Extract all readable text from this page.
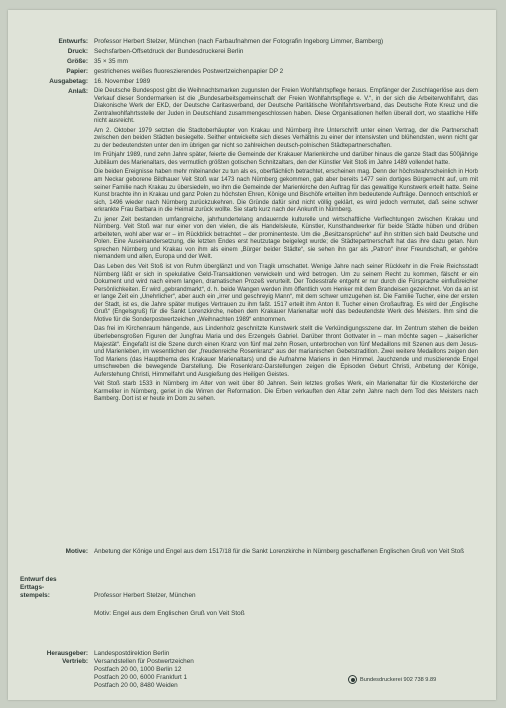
Entwurfs: Professor Herbert Stelzer, München (nach Farbaufnahmen der Fotografin Ingeborg Limmer, Bamberg)
Druck: Sechsfarben-Offsetdruck der Bundesdruckerei Berlin
Größe: 35 × 35 mm
Papier: gestrichenes weißes fluoreszierendes Postwertzeichenpapier DP 2
Ausgabetag: 16. November 1989
Anlaß: Die Deutsche Bundespost gibt die Weihnachtsmarken zugunsten der Freien Wohlfahrtspflege heraus. Empfänger der Zuschlagerlöse aus dem Verkauf dieser Sondermarken ist die „Bundesarbeitsgemeinschaft der Freien Wohlfahrtspflege e. V.“, in der sich die Arbeiterwohlfahrt, das Diakonische Werk der EKD, der Deutsche Caritasverband, der Deutsche Paritätische Wohlfahrtsverband, das Deutsche Rote Kreuz und die Zentralwohlfahrtsstelle der Juden in Deutschland zusammengeschlossen haben. Diese Organisationen helfen überall dort, wo staatliche Hilfe nicht ausreicht.

Am 2. Oktober 1979 setzten die Stadtoberhäupter von Krakau und Nürnberg ihre Unterschrift unter einen Vertrag, der die Partnerschaft zwischen den beiden Städten besiegelte. Seither entwickelte sich dieses Verhältnis zu einer der intensivsten und blühendsten, wenn nicht gar zu der bedeutendsten unter den im übrigen gar nicht so zahlreichen deutsch-polnischen Städtepartnerschaften.

Im Frühjahr 1989, rund zehn Jahre später, feierte die Gemeinde der Krakauer Marienkirche und darüber hinaus die ganze Stadt das 500jährige Jubiläum des Marienaltars, des vermutlich größten gotischen Schnitzaltars, den der Künstler Veit Stoß im Jahre 1489 vollendet hatte.

Die beiden Ereignisse haben mehr miteinander zu tun als es, oberflächlich betrachtet, erscheinen mag. Denn der höchstwahrscheinlich in Horb am Neckar geborene Bildhauer Veit Stoß war 1473 nach Nürnberg gekommen, gab aber bereits 1477 sein dortiges Bürgerrecht auf, um mit seiner Familie nach Krakau zu übersiedeln, wo ihm die Gemeinde der Marienkirche den Auftrag für das gewaltige Kunstwerk erteilt hatte. Seine Kunst brachte ihn in Krakau und ganz Polen zu höchsten Ehren, Könige und Bischöfe erteilten ihm bedeutende Aufträge. Dennoch entschloß er sich, 1496 wieder nach Nürnberg zurückzukehren. Die Gründe dafür sind nicht völlig geklärt, es wird jedoch vermutet, daß seine schwer erkrankte Frau Barbara in die Heimat zurück wollte. Sie starb kurz nach der Ankunft in Nürnberg.

Zu jener Zeit bestanden umfangreiche, jahrhundertelang andauernde kulturelle und wirtschaftliche Verflechtungen zwischen Krakau und Nürnberg. Veit Stoß war nur einer von den vielen, die als Handelsleute, Künstler, Kunsthandwerker für beide Städte hüben und drüben arbeiteten, wohl aber war er – im Rückblick betrachtet – der prominenteste. Um die „Besitzansprüche“ auf ihn stritten sich bald Deutsche und Polen. Eine Auseinandersetzung, die letzten Endes erst heutzutage beigelegt wurde; die Städtepartnerschaft hat das ihre dazu getan. Nun sprechen Nürnberg und Krakau von ihm als einem „Bürger beider Städte“, sie sehen ihn gar als „Patron“ ihrer Freundschaft, er gehöre niemandem und allen, Europa und der Welt.

Das Leben des Veit Stoß ist von Ruhm überglänzt und von Tragik umschattet. Wenige Jahre nach seiner Rückkehr in die Freie Reichsstadt Nürnberg läßt er sich in spekulative Geld-Transaktionen verwickeln und wird betrogen. Um zu seinem Recht zu kommen, fälscht er ein Dokument und wird nach einem langen, dramatischen Prozeß verurteilt. Der Todesstrafe entgeht er nur durch die Fürsprache einflußreicher Persönlichkeiten. Er wird „gebrandmarkt“, d. h. beide Wangen werden ihm öffentlich vom Henker mit dem Brandeisen gezeichnet. Von da an ist er lange Zeit ein „Unehrlicher“, aber auch ein „irrer und geschreyig Mann“, mit dem schwer umzugehen ist. Die Familie Tucher, eine der ersten der Stadt, ist es, die Jahre später mutiges Vertrauen zu ihm faßt. 1517 erteilt ihm Anton II. Tucher einen Großauftrag. Es wird der „Englische Gruß“ (Engelsgruß) für die Sankt Lorenzkirche, neben dem Krakauer Marienaltar wohl das bedeutendste Werk des Meisters. Ihm sind die Motive für die Sonderpostwertzeichen „Weihnachten 1989“ entnommen.

Das frei im Kirchenraum hängende, aus Lindenholz geschnitzte Kunstwerk stellt die Verkündigungsszene dar. Im Zentrum stehen die beiden überlebensgroßen Figuren der Jungfrau Maria und des Erzengels Gabriel. Darüber thront Gottvater in – man möchte sagen – „kaiserlicher Majestät“. Eingefaßt ist die Szene durch einen Kranz von fünf mal zehn Rosen, unterbrochen von fünf Medaillons mit Szenen aus dem Jesus- und Marienleben, im wesentlichen der „freudenreiche Rosenkranz“ aus der marianischen Gebetstradition. Zwei weitere Medaillons zeigen den Tod Mariens (das Hauptthema des Krakauer Marienaltars) und die Aufnahme Mariens in den Himmel. Jauchzende und musizierende Engel umschweben die bewegende Darstellung. Die Rosenkranz-Darstellungen zeigen die Episoden Geburt Christi, Anbetung der Könige, Auferstehung Christi, Himmelfahrt und Ausgießung des Heiligen Geistes.

Veit Stoß starb 1533 in Nürnberg im Alter von weit über 80 Jahren. Sein letztes großes Werk, ein Marienaltar für die Klosterkirche der Karmeliter in Nürnberg, geriet in die Wirren der Reformation. Die Erben verkauften den Altar zehn Jahre nach dem Tod des Meisters nach Bamberg. Dort ist er heute im Dom zu sehen.

Motive: Anbetung der Könige und Engel aus dem 1517/18 für die Sankt Lorenzkirche in Nürnberg geschaffenen Englischen Gruß von Veit Stoß
Entwurf des
Erttags-
stempels:	Professor Herbert Stelzer, München
Motiv: Engel aus dem Englischen Gruß von Veit Stoß
Herausgeber:
Vertrieb:
Landespostdirektion Berlin
Versandstellen für Postwertzeichen
Postfach 20 00, 1000 Berlin 12
Postfach 20 00, 6000 Frankfurt 1
Postfach 20 00, 8480 Weiden
Bundesdruckerei 902 738 9.89
